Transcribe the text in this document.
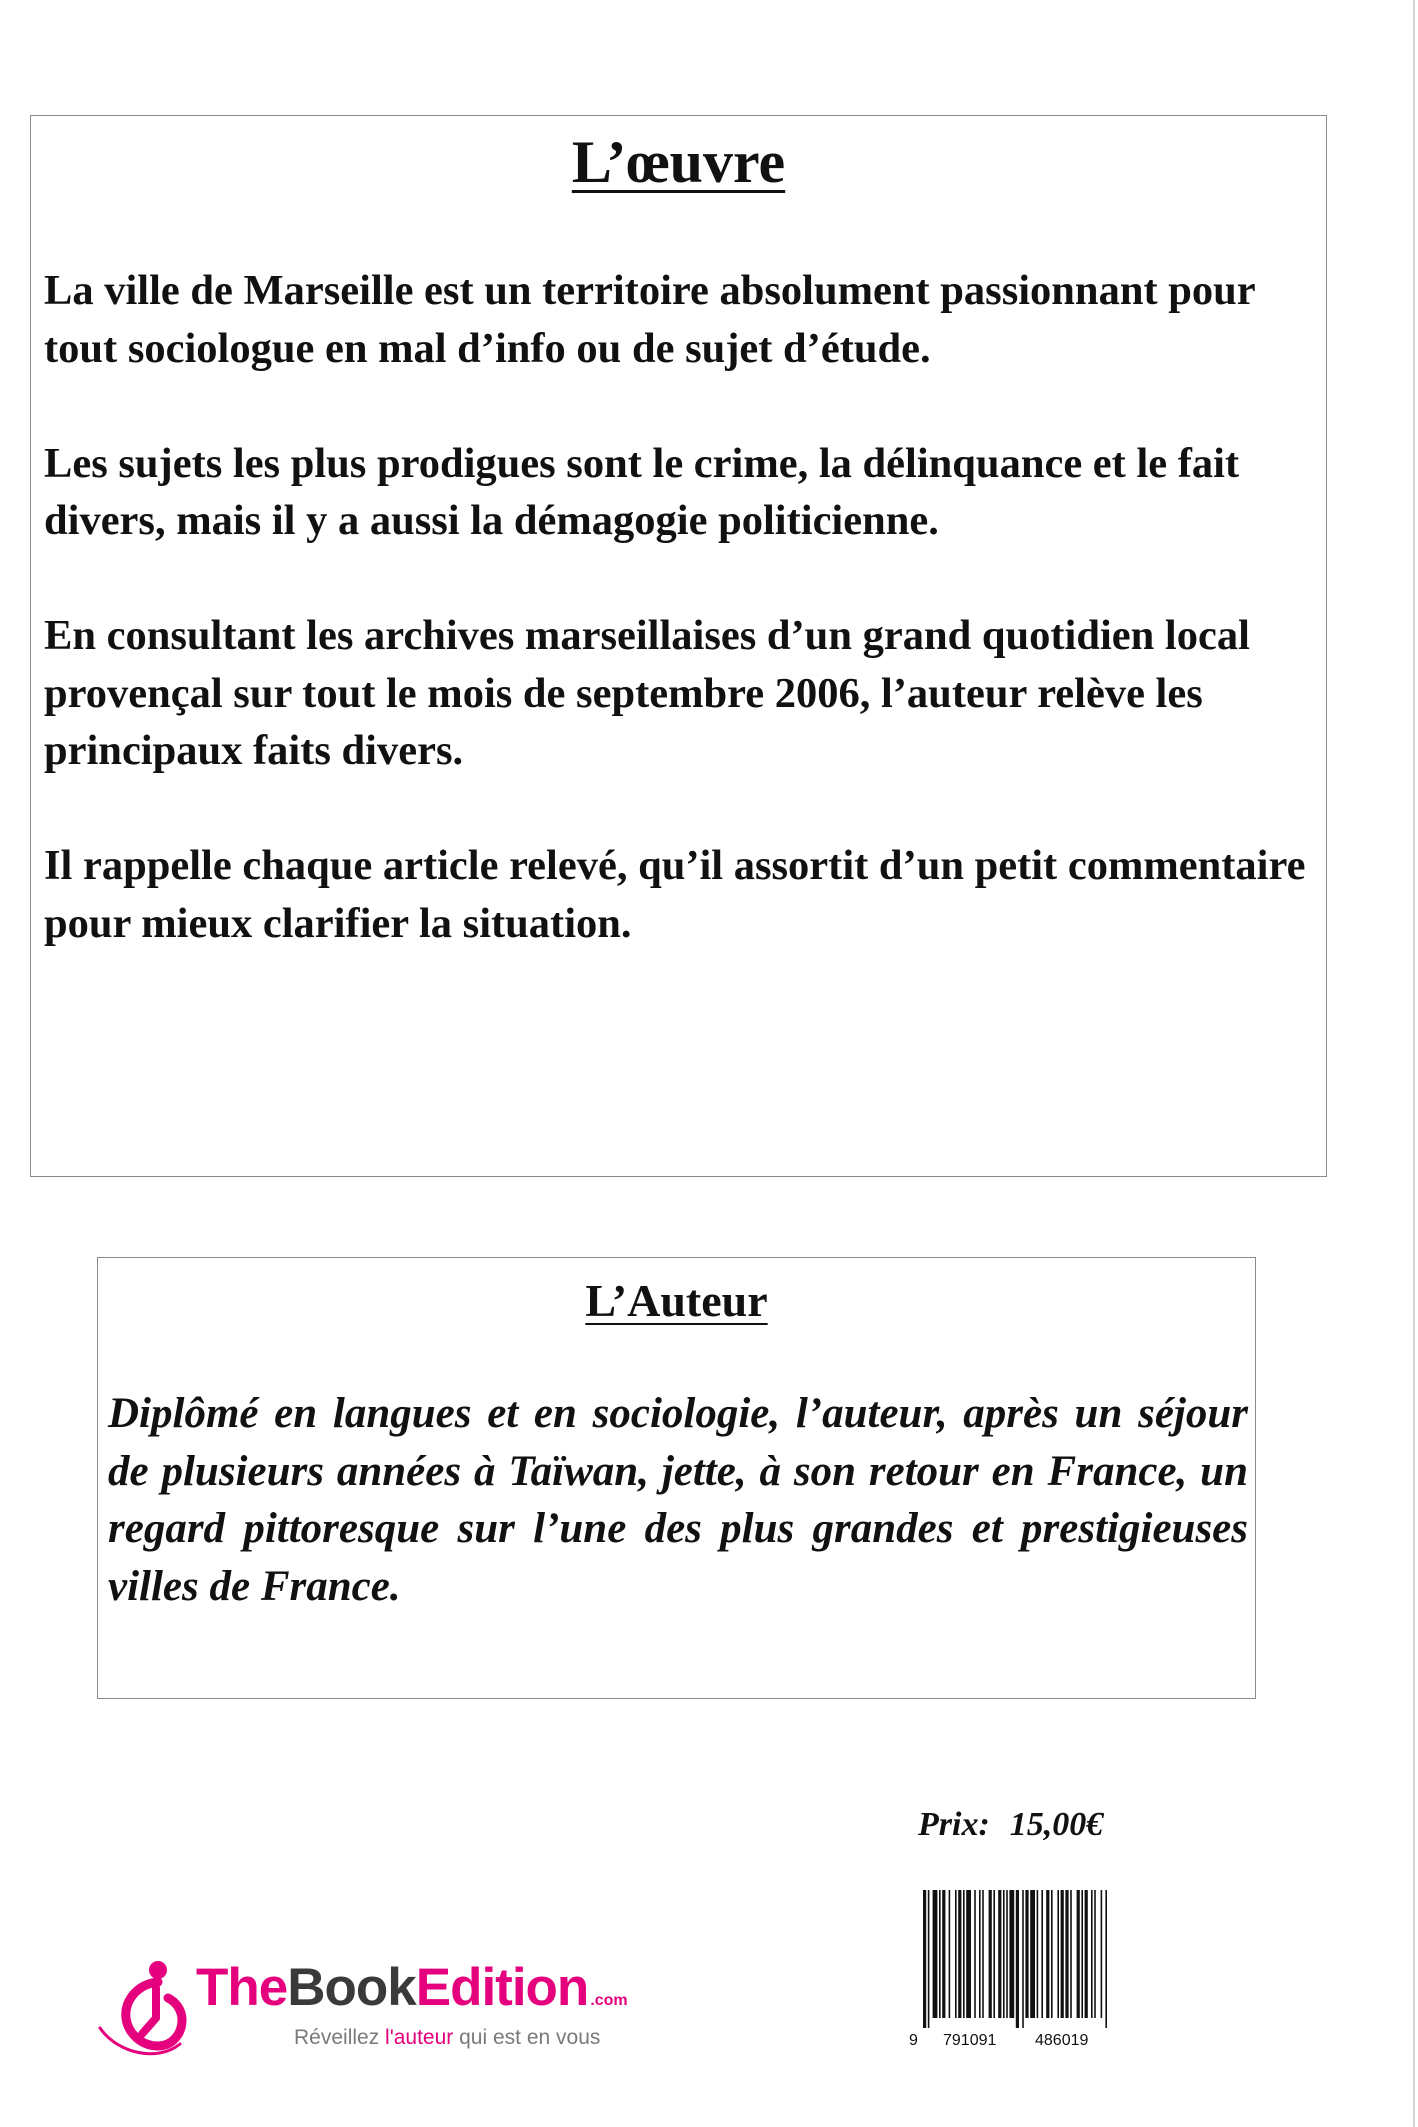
L’œuvre

La ville de Marseille est un territoire absolument passionnant pour tout sociologue en mal d’info ou de sujet d’étude.

Les sujets les plus prodigues sont le crime, la délinquance et le fait divers, mais il y a aussi la démagogie politicienne.

En consultant les archives marseillaises d’un grand quotidien local provençal sur tout le mois de septembre 2006, l’auteur relève les principaux faits divers.

Il rappelle chaque article relevé, qu’il assortit d’un petit commentaire pour mieux clarifier la situation.

L’Auteur

Diplômé en langues et en sociologie, l’auteur, après un séjour de plusieurs années à Taïwan, jette, à son retour en France, un regard pittoresque sur l’une des plus grandes et prestigieuses villes de France.

Prix: 15,00€
9 791091 486019
TheBookEdition .com
Réveillez l'auteur qui est en vous
